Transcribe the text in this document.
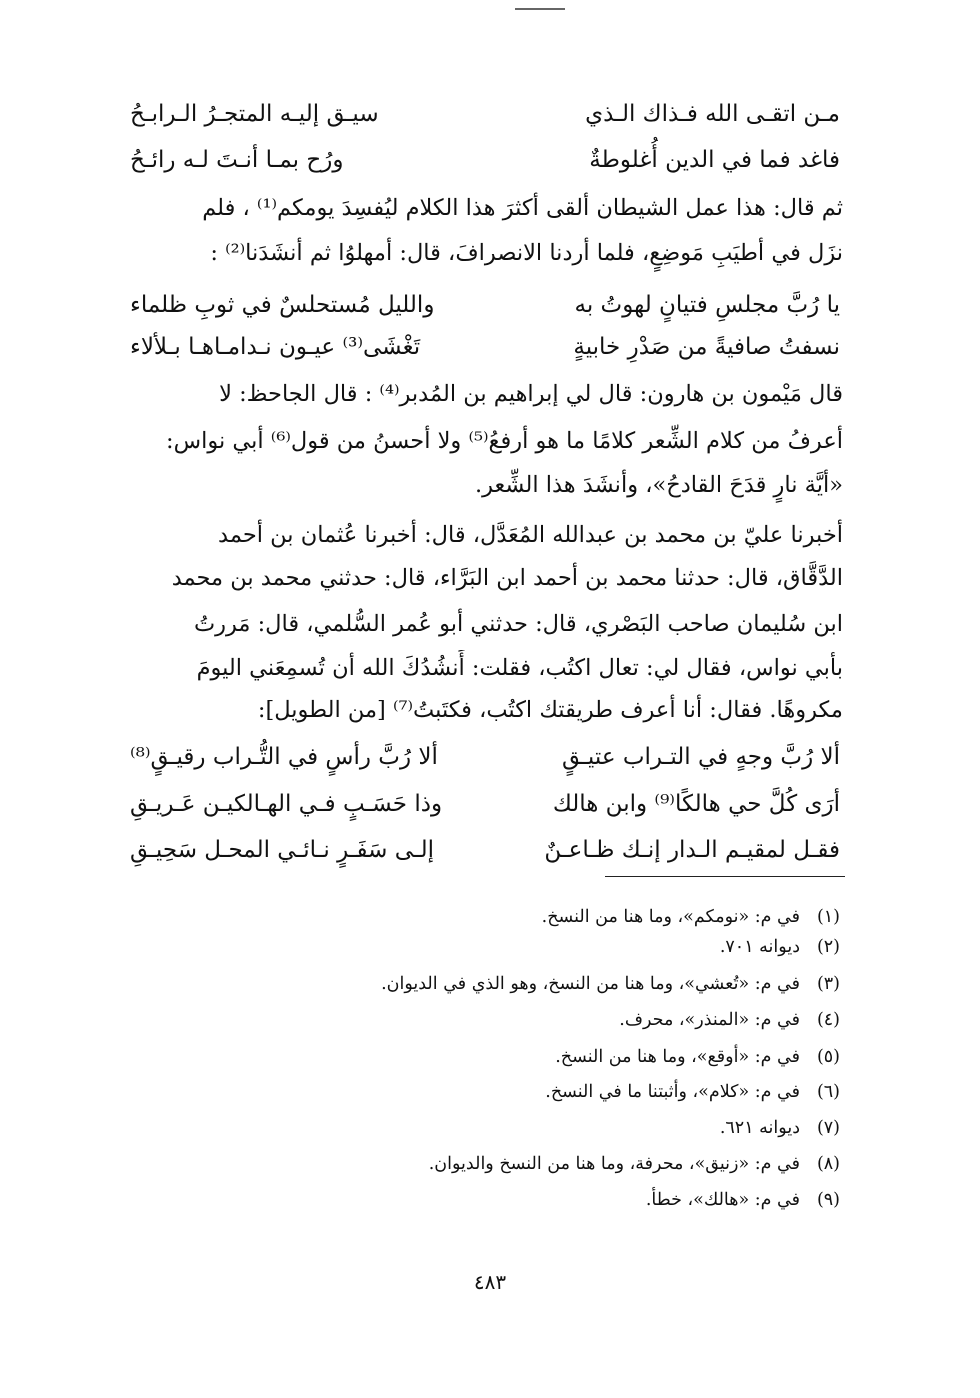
مـن اتقـى الله فـذاك الـذي
سيـق إليـه المتجـرُ الـرابـحُ
فاغد فما في الدين أُغلوطةٌ
ورُح بمـا أنـتَ لـه رائـحُ
ثم قال: هذا عمل الشيطان ألقى أكثرَ هذا الكلام ليُفسِدَ يومكم⁽¹⁾ ، فلم
نزَل في أطيَبِ مَوضِعٍ، فلما أردنا الانصرافَ، قال: أمهلوُا ثم أنشَدَنا⁽²⁾ :
يا رُبَّ مجلسِ فتيانٍ لهوتُ به
والليل مُستحلسٌ في ثوبِ ظلماء
نسفتُ صافيةً من صَدْرِ خابيةٍ
تَغْشَى⁽³⁾ عيـون نـدامـاهـا بـلألاء
قال مَيْمون بن هارون: قال لي إبراهيم بن المُدبر⁽⁴⁾ : قال الجاحظ: لا
أعرفُ من كلام الشِّعر كلامًا ما هو أرفعُ⁽⁵⁾ ولا أحسنُ من قول⁽⁶⁾ أبي نواس:
«أيَّة نارٍ قدَحَ القادحُ»، وأنشَدَ هذا الشِّعر.
أخبرنا عليّ بن محمد بن عبدالله المُعَدَّل، قال: أخبرنا عُثمان بن أحمد
الدَّقَّاق، قال: حدثنا محمد بن أحمد ابن البَرَّاء، قال: حدثني محمد بن محمد
ابن سُليمان صاحب البَصْري، قال: حدثني أبو عُمر السُّلمي، قال: مَررتُ
بأبي نواس، فقال لي: تعال اكتُب، فقلت: أَنشُدُكَ الله أن تُسمِعَني اليومَ
مكروهًا. فقال: أنا أعرف طريقتك اكتُب، فكتَبتُ⁽⁷⁾ [من الطويل]:
ألا رُبَّ وجهٍ في التـراب عتيـقٍ
ألا رُبَّ رأسٍ في التُّـراب رقيـقٍ⁽⁸⁾
أرَى كُلَّ حي هالكًا⁽⁹⁾ وابن هالك
وذا حَسَـبٍ فـي الهـالكيـن عَـريـقِ
فقـل لمقيـم الـدار إنـك ظـاعـنٌ
إلـى سَفَـرٍ نـائـي المحـل سَحِيـقِ
(١)في م: «نومكم»، وما هنا من النسخ.
(٢)ديوانه ٧٠١.
(٣)في م: «تُعشي»، وما هنا من النسخ، وهو الذي في الديوان.
(٤)في م: «المنذر»، محرف.
(٥)في م: «أوقع»، وما هنا من النسخ.
(٦)في م: «كلام»، وأثبتنا ما في النسخ.
(٧)ديوانه ٦٢١.
(٨)في م: «زنيق»، محرفة، وما هنا من النسخ والديوان.
(٩)في م: «هالك»، خطأ.
٤٨٣
